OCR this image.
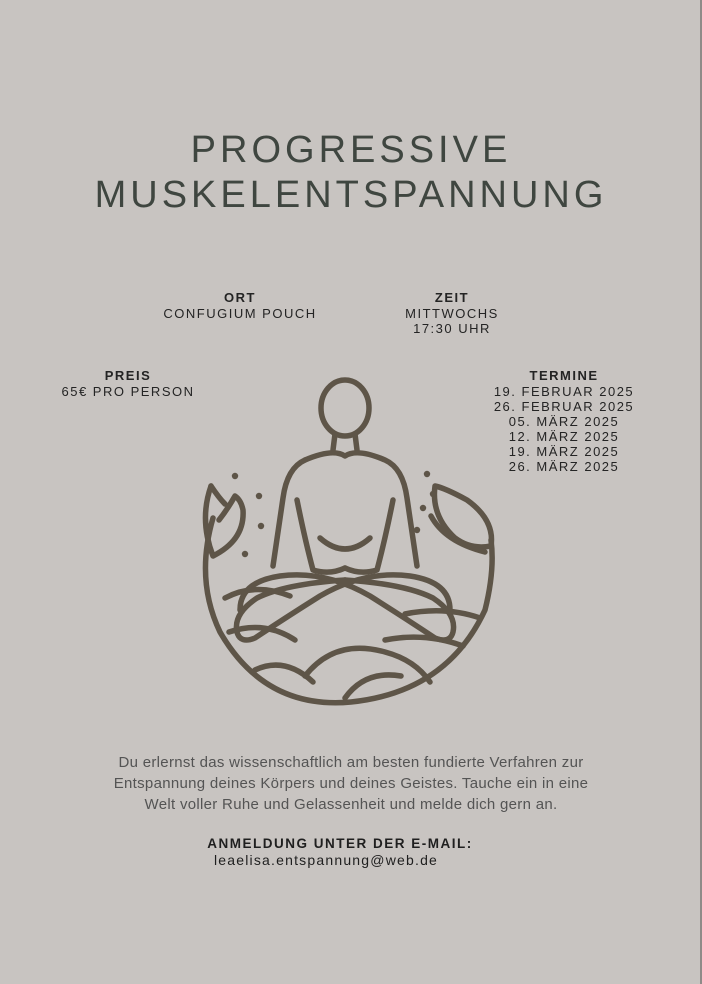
PROGRESSIVE
MUSKELENTSPANNUNG
ORT
CONFUGIUM POUCH
ZEIT
MITTWOCHS
17:30 UHR
PREIS
65€ PRO PERSON
TERMINE
19. FEBRUAR 2025
26. FEBRUAR 2025
05. MÄRZ 2025
12. MÄRZ 2025
19. MÄRZ 2025
26. MÄRZ 2025
Du erlernst das wissenschaftlich am besten fundierte Verfahren zur
Entspannung deines Körpers und deines Geistes. Tauche ein in eine
Welt voller Ruhe und Gelassenheit und melde dich gern an.
ANMELDUNG UNTER DER E-MAIL:
leaelisa.entspannung@web.de
